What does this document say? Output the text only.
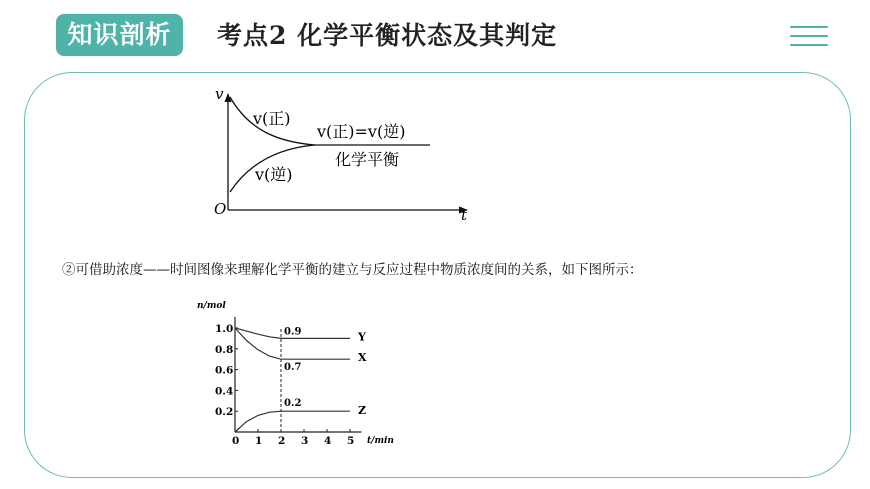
知识剖析	考点2 化学平衡状态及其判定
v
t
O
v(正)
v(逆)
v(正)=v(逆)
化学平衡
②可借助浓度——时间图像来理解化学平衡的建立与反应过程中物质浓度间的关系，如下图所示：
n/mol
t/min
0 1 2 3 4 5
0.2
0.4
0.6
0.8
1.0
Y
0.9
X
0.7
Z
0.2
